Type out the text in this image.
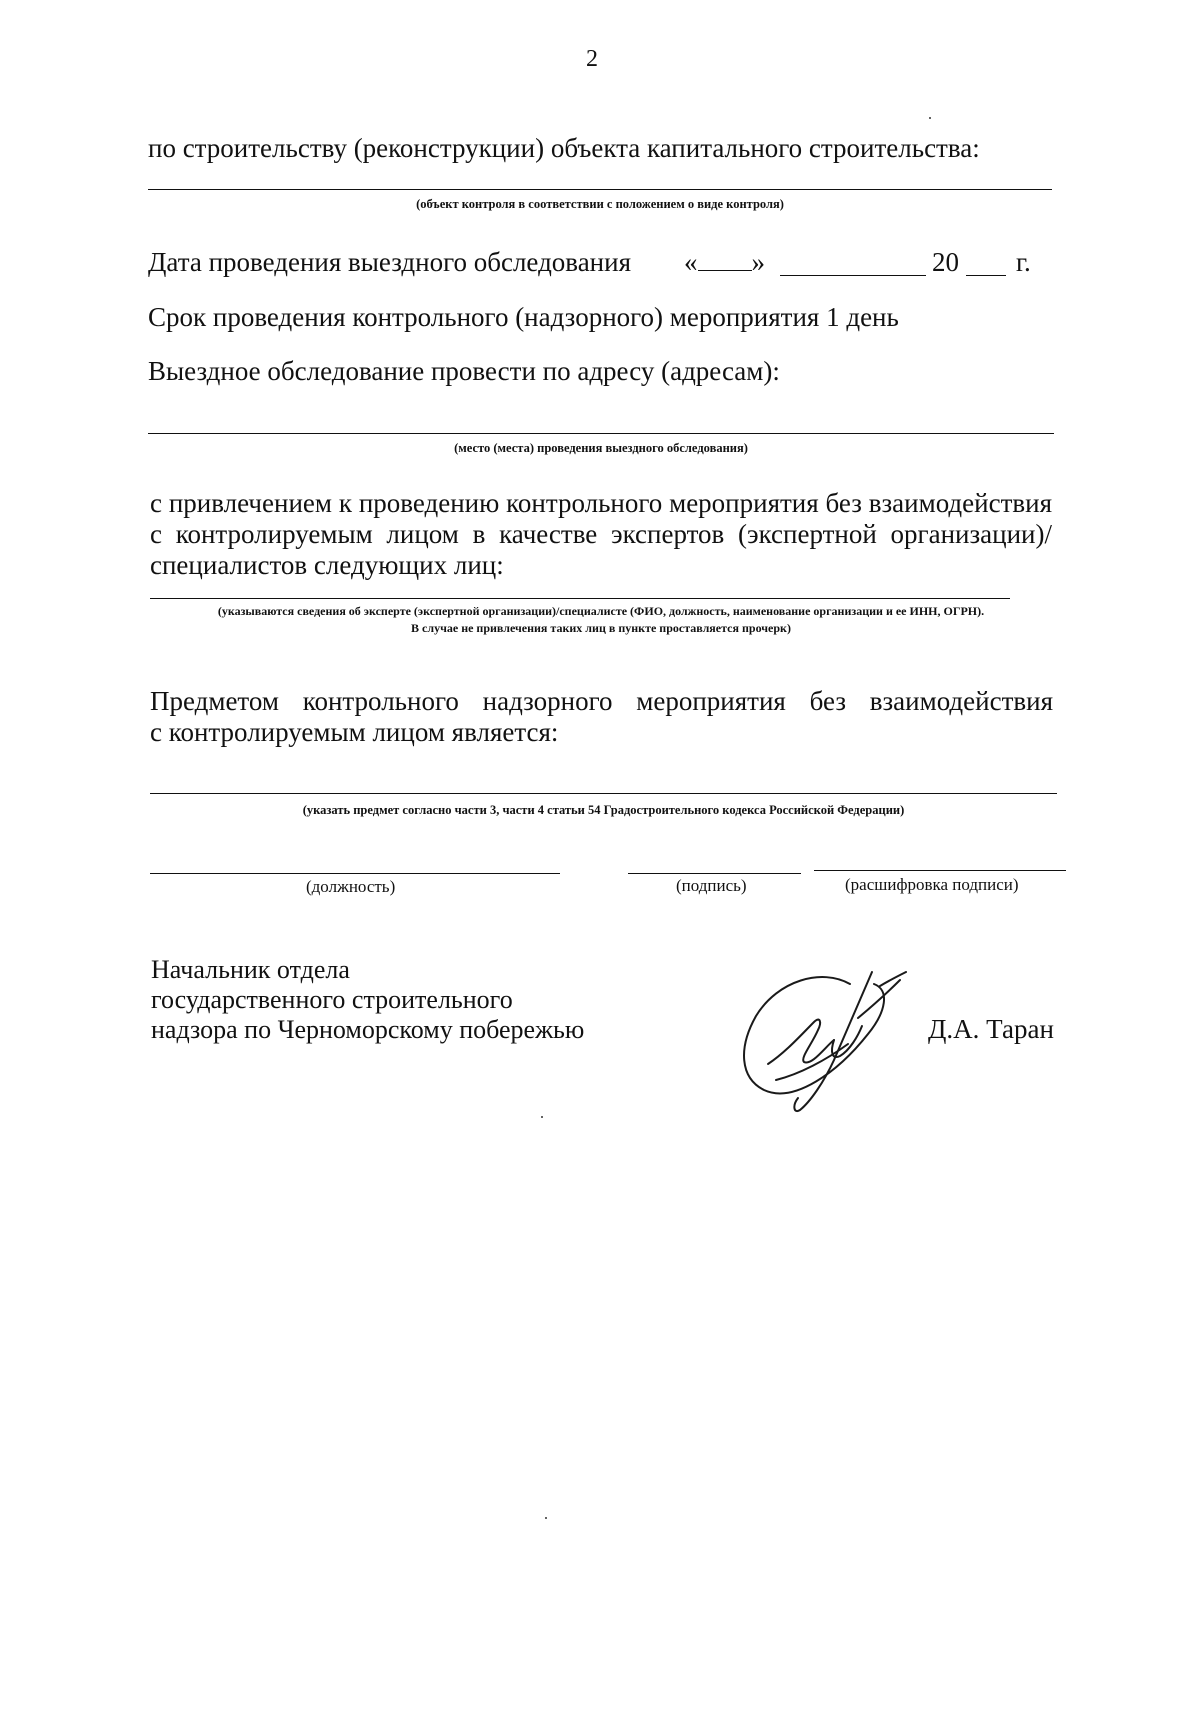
2
по строительству (реконструкции) объекта капитального строительства:
(объект контроля в соответствии с положением о виде контроля)
Дата проведения выездного обследования « »	20 г.
Срок проведения контрольного (надзорного) мероприятия 1 день
Выездное обследование провести по адресу (адресам):
(место (места) проведения выездного обследования)
с привлечением к проведению контрольного мероприятия без взаимодействия
с контролируемым лицом в качестве экспертов (экспертной организации)/
специалистов следующих лиц:
(указываются сведения об эксперте (экспертной организации)/специалисте (ФИО, должность, наименование организации и ее ИНН, ОГРН).
В случае не привлечения таких лиц в пункте проставляется прочерк)
Предметом контрольного надзорного мероприятия без взаимодействия
с контролируемым лицом является:
(указать предмет согласно части 3, части 4 статьи 54 Градостроительного кодекса Российской Федерации)
(должность)	(подпись)	(расшифровка подписи)
Начальник отдела
государственного строительного
надзора по Черноморскому побережью	Д.А. Таран
